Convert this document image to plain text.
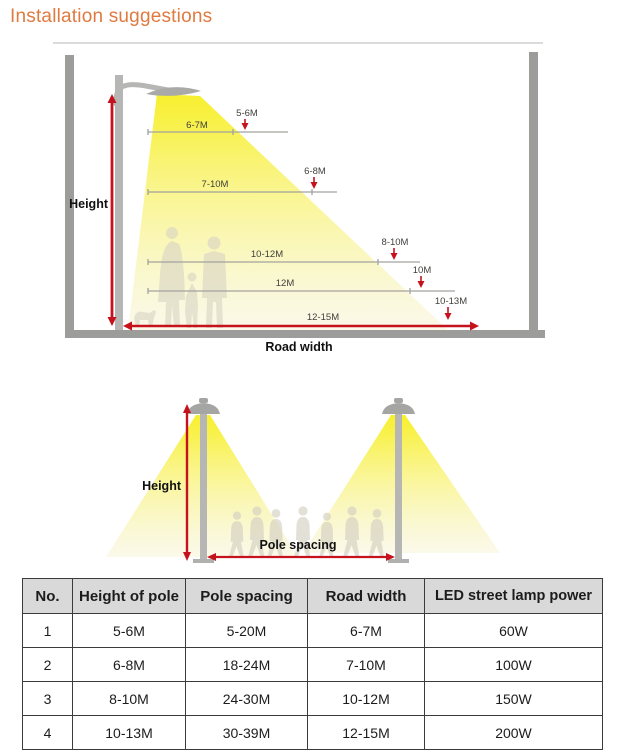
Installation suggestions
6-7M
7-10M
10-12M
12M
12-15M
5-6M
6-8M
8-10M
10M
10-13M
Road width
Height
Height
Pole spacing
No.	Height of pole	Pole spacing	Road width	LED street lamp power
1	5-6M	5-20M	6-7M	60W
2	6-8M	18-24M	7-10M	100W
3	8-10M	24-30M	10-12M	150W
4	10-13M	30-39M	12-15M	200W
